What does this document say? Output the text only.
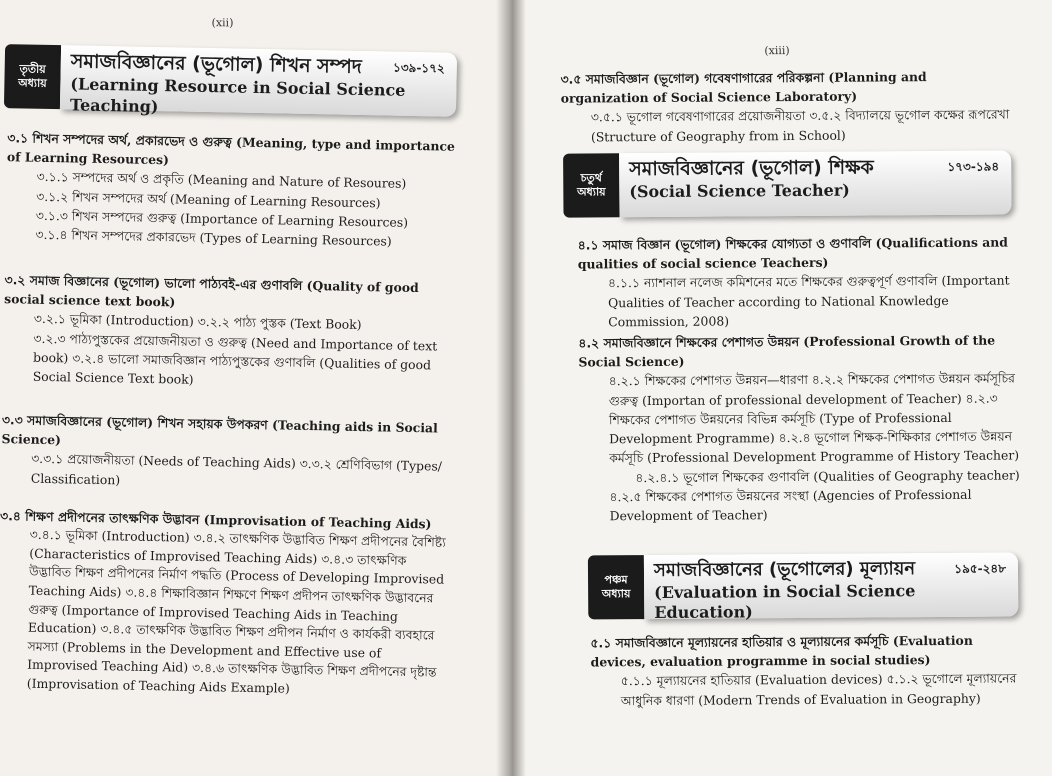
(xii)
তৃতীয়
অধ্যায়
সমাজবিজ্ঞানের (ভূগোল) শিখন সম্পদ
(Learning Resource in Social Science Teaching)
১৩৯-১৭২
৩.১ শিখন সম্পদের অর্থ, প্রকারভেদ ও গুরুত্ব (Meaning, type and importance of Learning Resources)
৩.১.১ সম্পদের অর্থ ও প্রকৃতি (Meaning and Nature of Resoures)
৩.১.২ শিখন সম্পদের অর্থ (Meaning of Learning Resources)
৩.১.৩ শিখন সম্পদের গুরুত্ব (Importance of Learning Resources)
৩.১.৪ শিখন সম্পদের প্রকারভেদ (Types of Learning Resources)
৩.২ সমাজ বিজ্ঞানের (ভূগোল) ভালো পাঠ্যবই-এর গুণাবলি (Quality of good social science text book)
৩.২.১ ভূমিকা (Introduction) ৩.২.২ পাঠ্য পুস্তক (Text Book)
৩.২.৩ পাঠ্যপুস্তকের প্রয়োজনীয়তা ও গুরুত্ব (Need and Importance of text book) ৩.২.৪ ভালো সমাজবিজ্ঞান পাঠ্যপুস্তকের গুণাবলি (Qualities of good Social Science Text book)
৩.৩ সমাজবিজ্ঞানের (ভূগোল) শিখন সহায়ক উপকরণ (Teaching aids in Social Science)
৩.৩.১ প্রয়োজনীয়তা (Needs of Teaching Aids) ৩.৩.২ শ্রেণিবিভাগ (Types/ Classification)
৩.৪ শিক্ষণ প্রদীপনের তাৎক্ষণিক উদ্ভাবন (Improvisation of Teaching Aids)
৩.৪.১ ভূমিকা (Introduction) ৩.৪.২ তাৎক্ষণিক উদ্ভাবিত শিক্ষণ প্রদীপনের বৈশিষ্ট্য (Characteristics of Improvised Teaching Aids) ৩.৪.৩ তাৎক্ষণিক উদ্ভাবিত শিক্ষণ প্রদীপনের নির্মাণ পদ্ধতি (Process of Developing Improvised Teaching Aids) ৩.৪.৪ শিক্ষাবিজ্ঞান শিক্ষণে শিক্ষণ প্রদীপন তাৎক্ষণিক উদ্ভাবনের গুরুত্ব (Importance of Improvised Teaching Aids in Teaching Education) ৩.৪.৫ তাৎক্ষণিক উদ্ভাবিত শিক্ষণ প্রদীপন নির্মাণ ও কার্যকরী ব্যবহারে সমস্যা (Problems in the Development and Effective use of Improvised Teaching Aid) ৩.৪.৬ তাৎক্ষণিক উদ্ভাবিত শিক্ষণ প্রদীপনের দৃষ্টান্ত (Improvisation of Teaching Aids Example)
(xiii)
৩.৫ সমাজবিজ্ঞান (ভূগোল) গবেষণাগারের পরিকল্পনা (Planning and organization of Social Science Laboratory)
৩.৫.১ ভূগোল গবেষণাগারের প্রয়োজনীয়তা ৩.৫.২ বিদ্যালয়ে ভূগোল কক্ষের রূপরেখা (Structure of Geography from in School)
চতুর্থ
অধ্যায়
সমাজবিজ্ঞানের (ভূগোল) শিক্ষক
(Social Science Teacher)
১৭৩-১৯৪
৪.১ সমাজ বিজ্ঞান (ভূগোল) শিক্ষকের যোগ্যতা ও গুণাবলি (Qualifications and qualities of social science Teachers)
৪.১.১ ন্যাশনাল নলেজ কমিশনের মতে শিক্ষকের গুরুত্বপূর্ণ গুণাবলি (Important Qualities of Teacher according to National Knowledge Commission, 2008)
৪.২ সমাজবিজ্ঞানে শিক্ষকের পেশাগত উন্নয়ন (Professional Growth of the Social Science)
৪.২.১ শিক্ষকের পেশাগত উন্নয়ন—ধারণা ৪.২.২ শিক্ষকের পেশাগত উন্নয়ন কর্মসূচির গুরুত্ব (Importan of professional development of Teacher) ৪.২.৩ শিক্ষকের পেশাগত উন্নয়নের বিভিন্ন কর্মসূচি (Type of Professional Development Programme) ৪.২.৪ ভূগোল শিক্ষক-শিক্ষিকার পেশাগত উন্নয়ন কর্মসূচি (Professional Development Programme of History Teacher)
৪.২.৪.১ ভূগোল শিক্ষকের গুণাবলি (Qualities of Geography teacher)
৪.২.৫ শিক্ষকের পেশাগত উন্নয়নের সংস্থা (Agencies of Professional Development of Teacher)
পঞ্চম
অধ্যায়
সমাজবিজ্ঞানের (ভূগোলের) মূল্যায়ন
(Evaluation in Social Science Education)
১৯৫-২৪৮
৫.১ সমাজবিজ্ঞানে মূল্যায়নের হাতিয়ার ও মূল্যায়নের কর্মসূচি (Evaluation devices, evaluation programme in social studies)
৫.১.১ মূল্যায়নের হাতিয়ার (Evaluation devices) ৫.১.২ ভূগোলে মূল্যায়নের আধুনিক ধারণা (Modern Trends of Evaluation in Geography)
